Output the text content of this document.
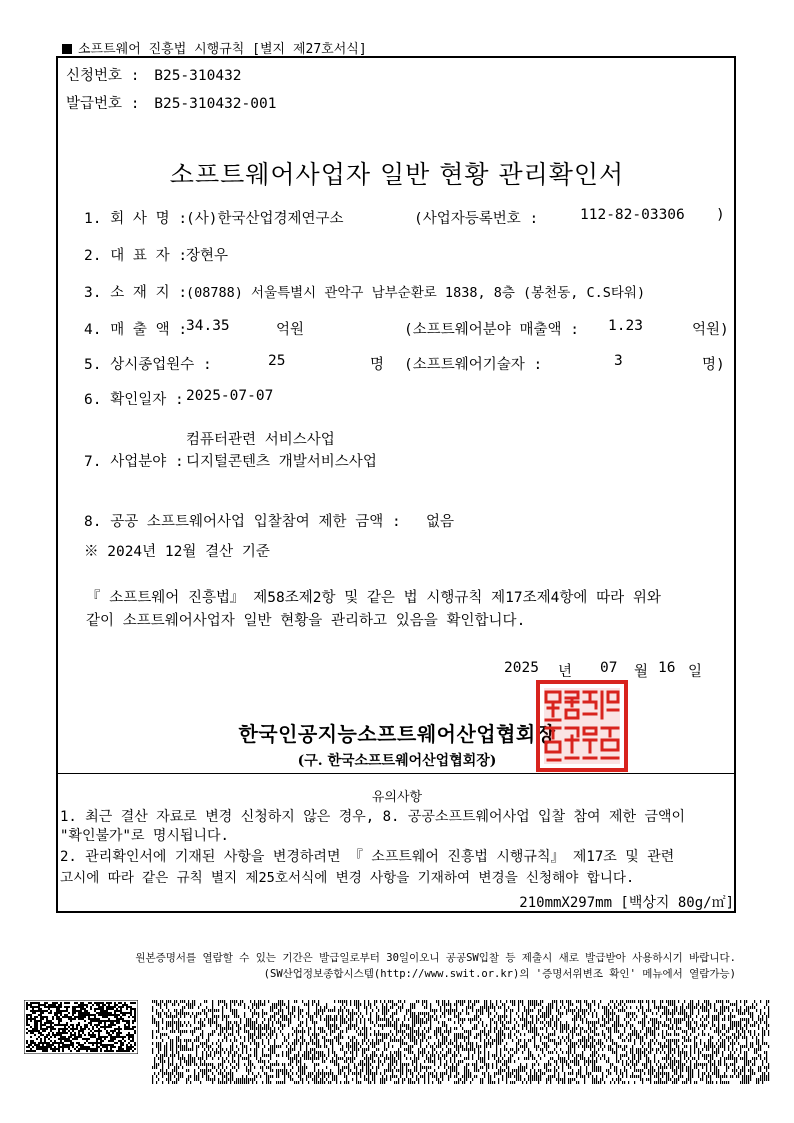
소프트웨어 진흥법 시행규칙 [별지 제27호서식]
신청번호 : B25-310432
발급번호 : B25-310432-001
소프트웨어사업자 일반 현황 관리확인서
1. 회 사 명 :
(사)한국산업경제연구소	(사업자등록번호 :	112-82-03306 )
2. 대 표 자 :
장현우
3. 소 재 지 :
(08788) 서울특별시 관악구 남부순환로 1838, 8층 (봉천동, C.S타워)
4. 매 출 액 :
34.35	억원	(소프트웨어분야 매출액 : 1.23	억원)
5. 상시종업원수 :	25	명 (소프트웨어기술자 :	3	명)
6. 확인일자 : 2025-07-07
컴퓨터관련 서비스사업
7. 사업분야 : 디지털콘텐츠 개발서비스사업
8. 공공 소프트웨어사업 입찰참여 제한 금액 : 없음
※ 2024년 12월 결산 기준
『 소프트웨어 진흥법』 제58조제2항 및 같은 법 시행규칙 제17조제4항에 따라 위와
같이 소프트웨어사업자 일반 현황을 관리하고 있음을 확인합니다.
2025 년 07 월 16 일
한국인공지능소프트웨어산업협회장
(구. 한국소프트웨어산업협회장)
유의사항
1. 최근 결산 자료로 변경 신청하지 않은 경우, 8. 공공소프트웨어사업 입찰 참여 제한 금액이
"확인불가"로 명시됩니다.
2. 관리확인서에 기재된 사항을 변경하려면 『 소프트웨어 진흥법 시행규칙』 제17조 및 관련
고시에 따라 같은 규칙 별지 제25호서식에 변경 사항을 기재하여 변경을 신청해야 합니다.
210mmX297mm [백상지 80g/㎡]
원본증명서를 열람할 수 있는 기간은 발급일로부터 30일이오니 공공SW입찰 등 제출시 새로 발급받아 사용하시기 바랍니다.
(SW산업정보종합시스템(http://www.swit.or.kr)의 '증명서위변조 확인' 메뉴에서 열람가능)
